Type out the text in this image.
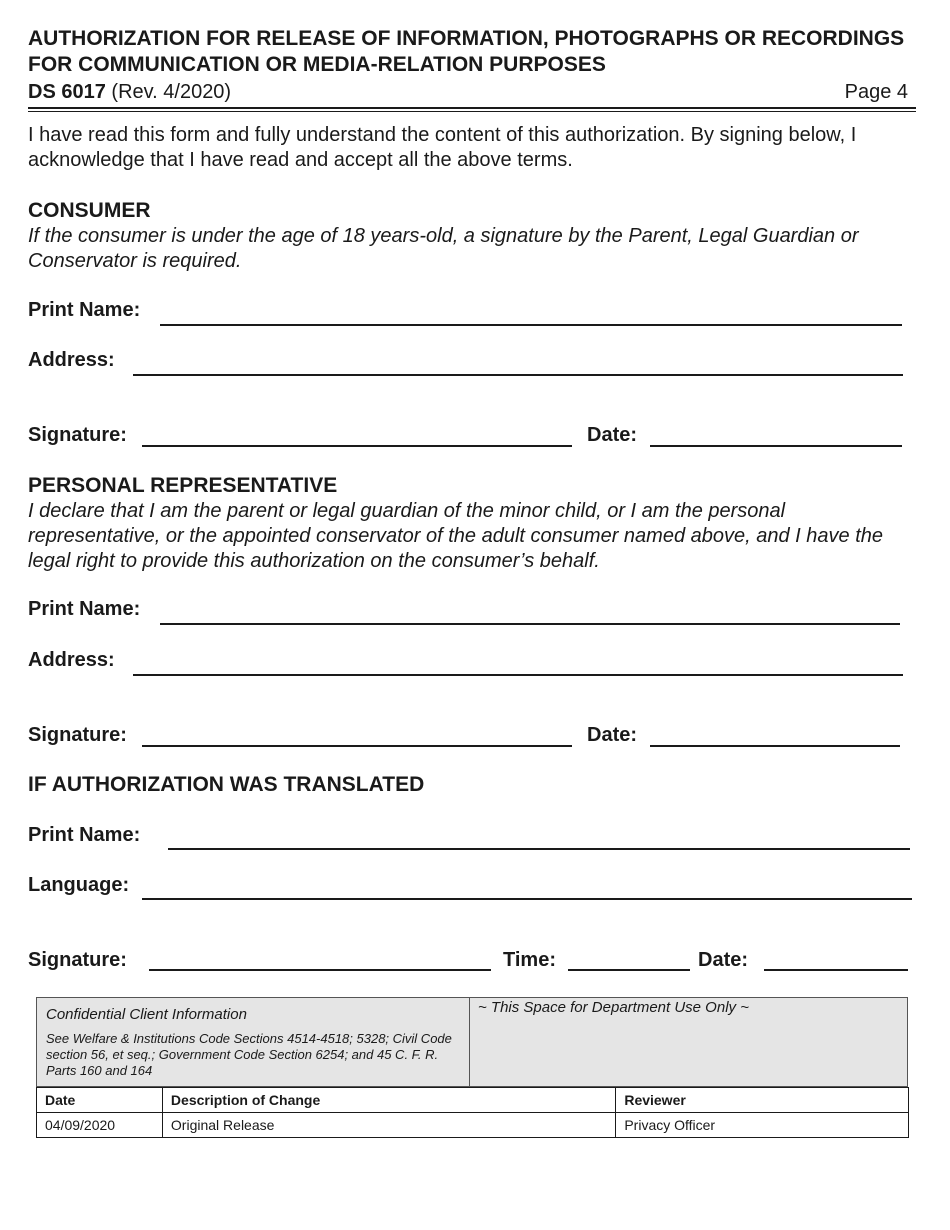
AUTHORIZATION FOR RELEASE OF INFORMATION, PHOTOGRAPHS OR RECORDINGS FOR COMMUNICATION OR MEDIA-RELATION PURPOSES
DS 6017 (Rev. 4/2020)	Page 4
I have read this form and fully understand the content of this authorization. By signing below, I acknowledge that I have read and accept all the above terms.
CONSUMER
If the consumer is under the age of 18 years-old, a signature by the Parent, Legal Guardian or Conservator is required.
Print Name:
Address:
Signature:	Date:
PERSONAL REPRESENTATIVE
I declare that I am the parent or legal guardian of the minor child, or I am the personal representative, or the appointed conservator of the adult consumer named above, and I have the legal right to provide this authorization on the consumer’s behalf.
Print Name:
Address:
Signature:	Date:
IF AUTHORIZATION WAS TRANSLATED
Print Name:
Language:
Signature:	Time:	Date:
Confidential Client Information
See Welfare & Institutions Code Sections 4514-4518; 5328; Civil Code section 56, et seq.; Government Code Section 6254; and 45 C. F. R. Parts 160 and 164
~ This Space for Department Use Only ~
Date	Description of Change	Reviewer
04/09/2020	Original Release	Privacy Officer
